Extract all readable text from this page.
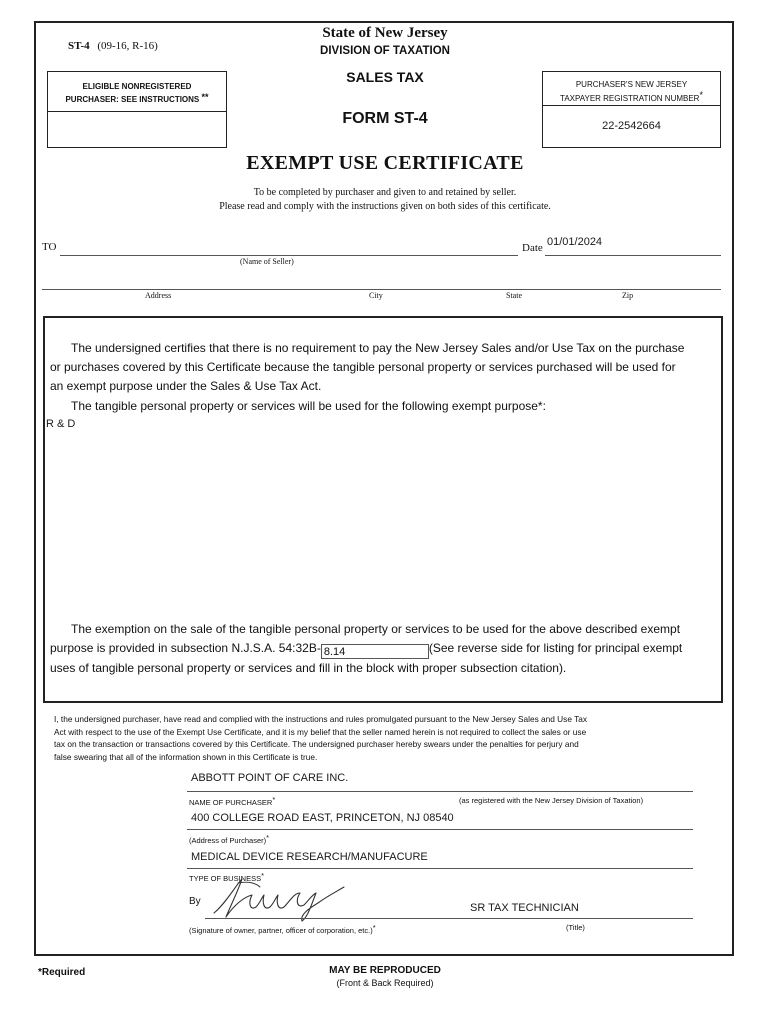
ST-4 (09-16, R-16)
State of New Jersey
DIVISION OF TAXATION
SALES TAX
FORM ST-4
ELIGIBLE NONREGISTERED
PURCHASER: SEE INSTRUCTIONS **
PURCHASER'S NEW JERSEY
TAXPAYER REGISTRATION NUMBER*
22-2542664
EXEMPT USE CERTIFICATE
To be completed by purchaser and given to and retained by seller.
Please read and comply with the instructions given on both sides of this certificate.
TO
(Name of Seller)
Date 01/01/2024
Address	City	State	Zip
The undersigned certifies that there is no requirement to pay the New Jersey Sales and/or Use Tax on the purchase
or purchases covered by this Certificate because the tangible personal property or services purchased will be used for
an exempt purpose under the Sales & Use Tax Act.
The tangible personal property or services will be used for the following exempt purpose*:
R & D
The exemption on the sale of the tangible personal property or services to be used for the above described exempt
purpose is provided in subsection N.J.S.A. 54:32B- 8.14	(See reverse side for listing for principal exempt
uses of tangible personal property or services and fill in the block with proper subsection citation).
I, the undersigned purchaser, have read and complied with the instructions and rules promulgated pursuant to the New Jersey Sales and Use Tax
Act with respect to the use of the Exempt Use Certificate, and it is my belief that the seller named herein is not required to collect the sales or use
tax on the transaction or transactions covered by this Certificate. The undersigned purchaser hereby swears under the penalties for perjury and
false swearing that all of the information shown in this Certificate is true.
ABBOTT POINT OF CARE INC.
NAME OF PURCHASER*	(as registered with the New Jersey Division of Taxation)
400 COLLEGE ROAD EAST, PRINCETON, NJ 08540
(Address of Purchaser)*
MEDICAL DEVICE RESEARCH/MANUFACURE
TYPE OF BUSINESS*
By
SR TAX TECHNICIAN
(Signature of owner, partner, officer of corporation, etc.)*	(Title)
*Required	MAY BE REPRODUCED
(Front & Back Required)
